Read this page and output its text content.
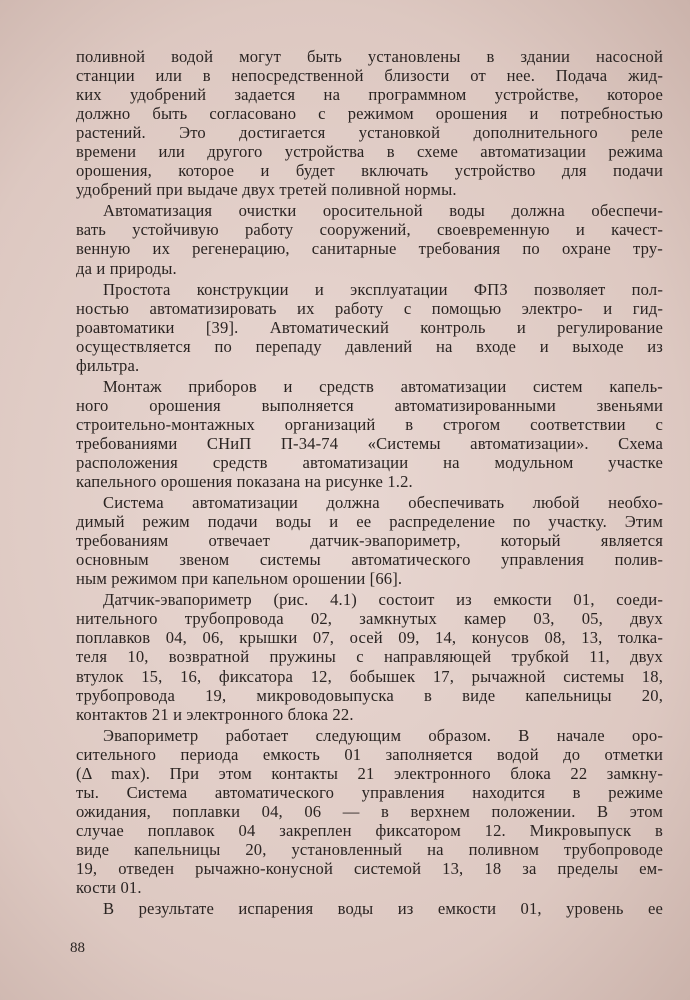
поливной водой могут быть установлены в здании насосной
станции или в непосредственной близости от нее. Подача жид-
ких удобрений задается на программном устройстве, которое
должно быть согласовано с режимом орошения и потребностью
растений. Это достигается установкой дополнительного реле
времени или другого устройства в схеме автоматизации режима
орошения, которое и будет включать устройство для подачи
удобрений при выдаче двух третей поливной нормы.
Автоматизация очистки оросительной воды должна обеспечи-
вать устойчивую работу сооружений, своевременную и качест-
венную их регенерацию, санитарные требования по охране тру-
да и природы.
Простота конструкции и эксплуатации ФПЗ позволяет пол-
ностью автоматизировать их работу с помощью электро- и гид-
роавтоматики [39]. Автоматический контроль и регулирование
осуществляется по перепаду давлений на входе и выходе из
фильтра.
Монтаж приборов и средств автоматизации систем капель-
ного орошения выполняется автоматизированными звеньями
строительно-монтажных организаций в строгом соответствии с
требованиями СНиП П-34-74 «Системы автоматизации». Схема
расположения средств автоматизации на модульном участке
капельного орошения показана на рисунке 1.2.
Система автоматизации должна обеспечивать любой необхо-
димый режим подачи воды и ее распределение по участку. Этим
требованиям отвечает датчик-эвапориметр, который является
основным звеном системы автоматического управления полив-
ным режимом при капельном орошении [66].
Датчик-эвапориметр (рис. 4.1) состоит из емкости 01, соеди-
нительного трубопровода 02, замкнутых камер 03, 05, двух
поплавков 04, 06, крышки 07, осей 09, 14, конусов 08, 13, толка-
теля 10, возвратной пружины с направляющей трубкой 11, двух
втулок 15, 16, фиксатора 12, бобышек 17, рычажной системы 18,
трубопровода 19, микроводовыпуска в виде капельницы 20,
контактов 21 и электронного блока 22.
Эвапориметр работает следующим образом. В начале оро-
сительного периода емкость 01 заполняется водой до отметки
(Δ max). При этом контакты 21 электронного блока 22 замкну-
ты. Система автоматического управления находится в режиме
ожидания, поплавки 04, 06 — в верхнем положении. В этом
случае поплавок 04 закреплен фиксатором 12. Микровыпуск в
виде капельницы 20, установленный на поливном трубопроводе
19, отведен рычажно-конусной системой 13, 18 за пределы ем-
кости 01.
В результате испарения воды из емкости 01, уровень ее
88
